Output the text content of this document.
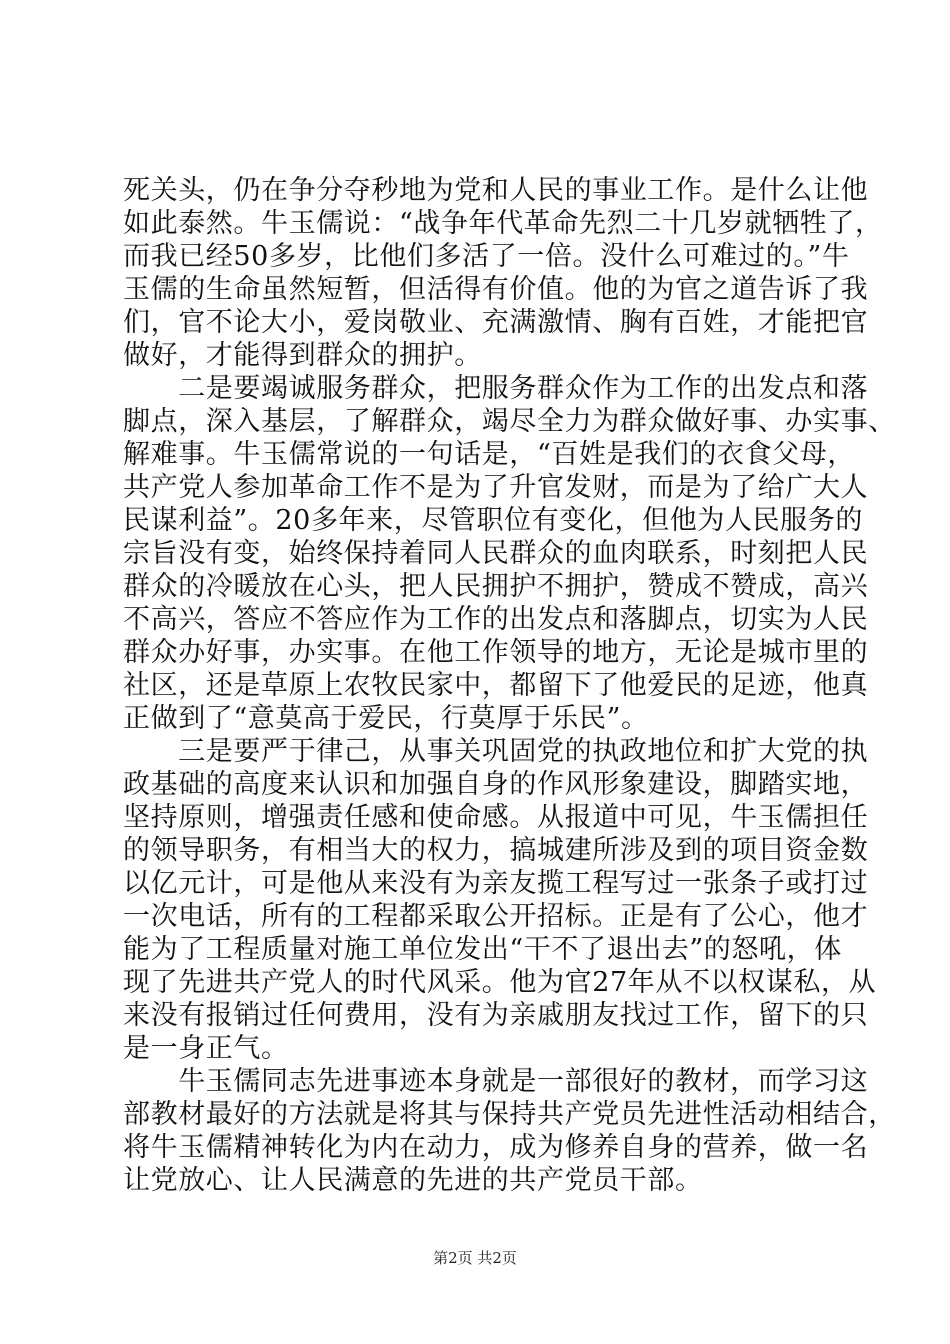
死关头，仍在争分夺秒地为党和人民的事业工作。是什么让他
如此泰然。牛玉儒说：“战争年代革命先烈二十几岁就牺牲了，
而我已经50多岁，比他们多活了一倍。没什么可难过的。”牛
玉儒的生命虽然短暂，但活得有价值。他的为官之道告诉了我
们，官不论大小，爱岗敬业、充满激情、胸有百姓，才能把官
做好，才能得到群众的拥护。
　　二是要竭诚服务群众，把服务群众作为工作的出发点和落
脚点，深入基层，了解群众，竭尽全力为群众做好事、办实事、
解难事。牛玉儒常说的一句话是，“百姓是我们的衣食父母，
共产党人参加革命工作不是为了升官发财，而是为了给广大人
民谋利益”。20多年来，尽管职位有变化，但他为人民服务的
宗旨没有变，始终保持着同人民群众的血肉联系，时刻把人民
群众的冷暖放在心头，把人民拥护不拥护，赞成不赞成，高兴
不高兴，答应不答应作为工作的出发点和落脚点，切实为人民
群众办好事，办实事。在他工作领导的地方，无论是城市里的
社区，还是草原上农牧民家中，都留下了他爱民的足迹，他真
正做到了“意莫高于爱民，行莫厚于乐民”。
　　三是要严于律己，从事关巩固党的执政地位和扩大党的执
政基础的高度来认识和加强自身的作风形象建设，脚踏实地，
坚持原则，增强责任感和使命感。从报道中可见，牛玉儒担任
的领导职务，有相当大的权力，搞城建所涉及到的项目资金数
以亿元计，可是他从来没有为亲友揽工程写过一张条子或打过
一次电话，所有的工程都采取公开招标。正是有了公心，他才
能为了工程质量对施工单位发出“干不了退出去”的怒吼，体
现了先进共产党人的时代风采。他为官27年从不以权谋私，从
来没有报销过任何费用，没有为亲戚朋友找过工作，留下的只
是一身正气。
　　牛玉儒同志先进事迹本身就是一部很好的教材，而学习这
部教材最好的方法就是将其与保持共产党员先进性活动相结合，
将牛玉儒精神转化为内在动力，成为修养自身的营养，做一名
让党放心、让人民满意的先进的共产党员干部。
第2页 共2页
